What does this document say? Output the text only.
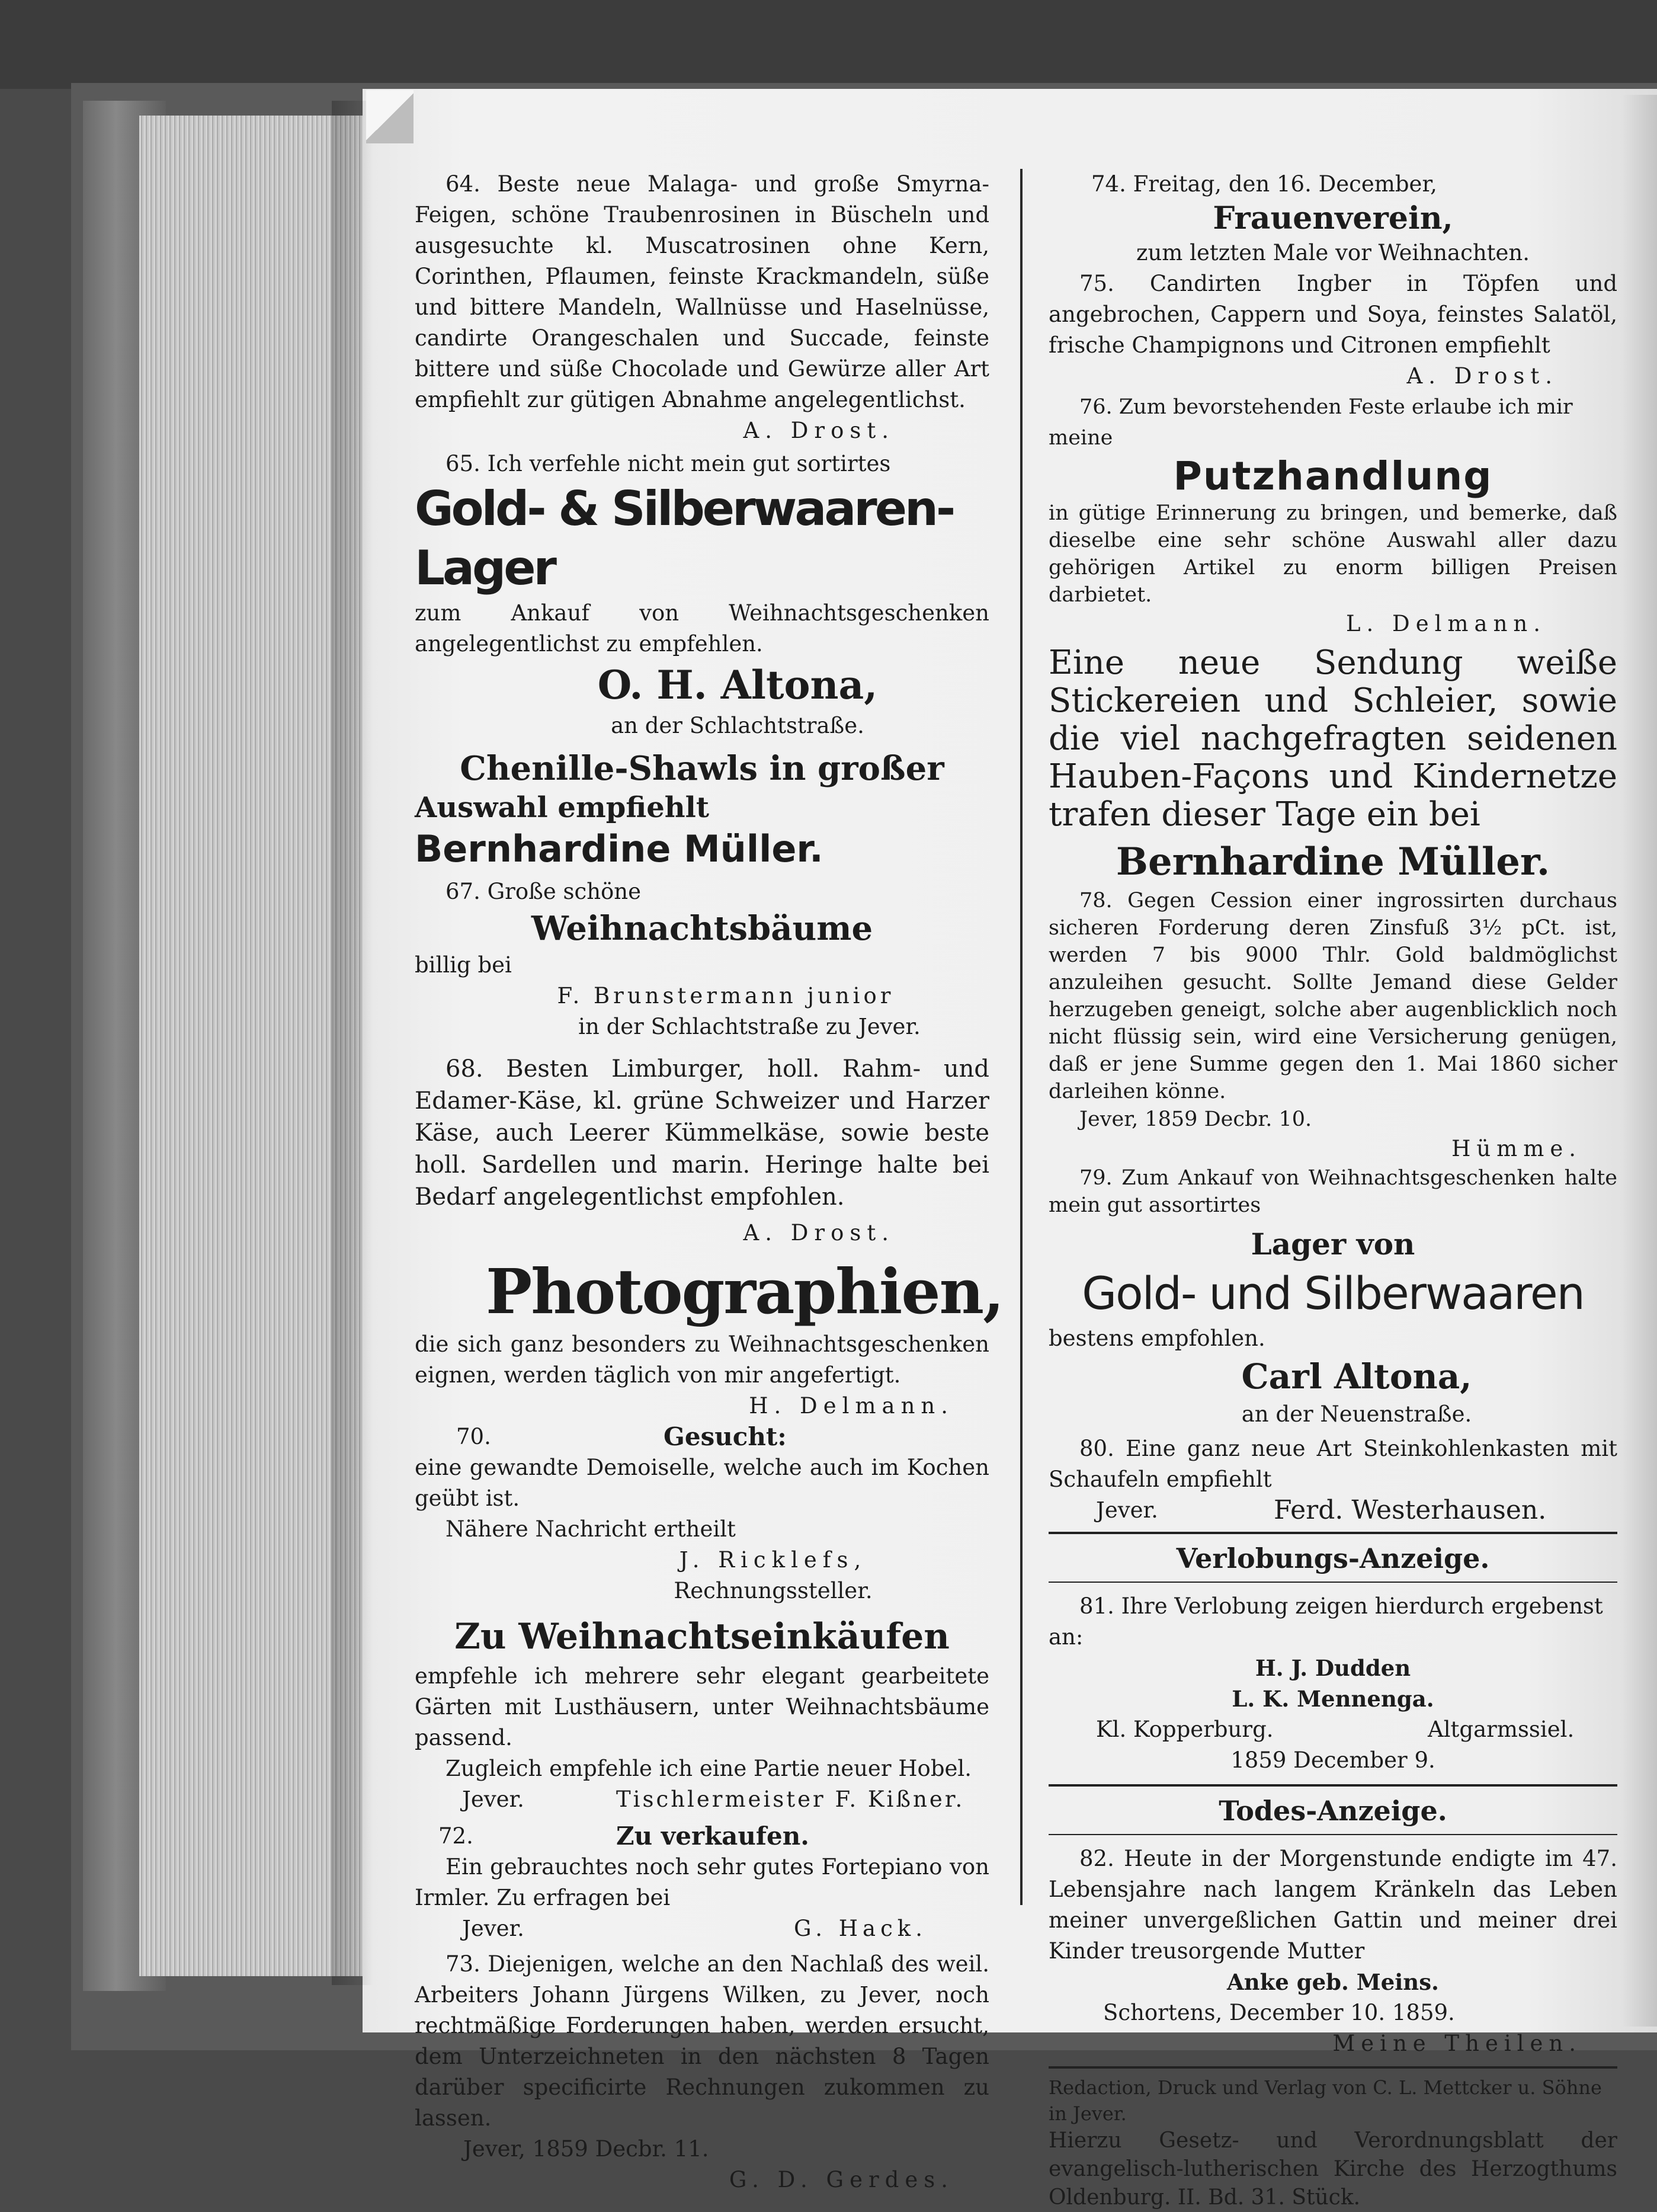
64. Beste neue Malaga- und große Smyrna-Feigen, schöne Traubenrosinen in Büscheln und ausgesuchte kl. Muscatrosinen ohne Kern, Corinthen, Pflaumen, feinste Krackmandeln, süße und bittere Mandeln, Wallnüsse und Haselnüsse, candirte Orangeschalen und Succade, feinste bittere und süße Chocolade und Gewürze aller Art empfiehlt zur gütigen Abnahme angelegentlichst.

A. Drost.

65. Ich verfehle nicht mein gut sortirtes

Gold- & Silberwaaren-Lager

zum Ankauf von Weihnachtsgeschenken angelegentlichst zu empfehlen.

O. H. Altona,

an der Schlachtstraße.

Chenille-Shawls in großer

Auswahl empfiehlt

Bernhardine Müller.

67. Große schöne

Weihnachtsbäume

billig bei

F. Brunstermann junior

in der Schlachtstraße zu Jever.

68. Besten Limburger, holl. Rahm- und Edamer-Käse, kl. grüne Schweizer und Harzer Käse, auch Leerer Kümmelkäse, sowie beste holl. Sardellen und marin. Heringe halte bei Bedarf angelegentlichst empfohlen.

A. Drost.

Photographien,

die sich ganz besonders zu Weihnachtsgeschenken eignen, werden täglich von mir angefertigt.

H. Delmann.

70.	Gesucht:

eine gewandte Demoiselle, welche auch im Kochen geübt ist.

Nähere Nachricht ertheilt

J. Ricklefs,

Rechnungssteller.

Zu Weihnachtseinkäufen

empfehle ich mehrere sehr elegant gearbeitete Gärten mit Lusthäusern, unter Weihnachtsbäume passend.

Zugleich empfehle ich eine Partie neuer Hobel.

Jever.	Tischlermeister F. Kißner.

72.	Zu verkaufen.

Ein gebrauchtes noch sehr gutes Fortepiano von Irmler. Zu erfragen bei

Jever.	G. Hack.

73. Diejenigen, welche an den Nachlaß des weil. Arbeiters Johann Jürgens Wilken, zu Jever, noch rechtmäßige Forderungen haben, werden ersucht, dem Unterzeichneten in den nächsten 8 Tagen darüber specificirte Rechnungen zukommen zu lassen.

Jever, 1859 Decbr. 11.

G. D. Gerdes.

74. Freitag, den 16. December,

Frauenverein,

zum letzten Male vor Weihnachten.

75. Candirten Ingber in Töpfen und angebrochen, Cappern und Soya, feinstes Salatöl, frische Champignons und Citronen empfiehlt

A. Drost.

76. Zum bevorstehenden Feste erlaube ich mir meine

Putzhandlung

in gütige Erinnerung zu bringen, und bemerke, daß dieselbe eine sehr schöne Auswahl aller dazu gehörigen Artikel zu enorm billigen Preisen darbietet.

L. Delmann.

Eine neue Sendung weiße Stickereien und Schleier, sowie die viel nachgefragten seidenen Hauben-Façons und Kindernetze trafen dieser Tage ein bei

Bernhardine Müller.

78. Gegen Cession einer ingrossirten durchaus sicheren Forderung deren Zinsfuß 3½ pCt. ist, werden 7 bis 9000 Thlr. Gold baldmöglichst anzuleihen gesucht. Sollte Jemand diese Gelder herzugeben geneigt, solche aber augenblicklich noch nicht flüssig sein, wird eine Versicherung genügen, daß er jene Summe gegen den 1. Mai 1860 sicher darleihen könne.

Jever, 1859 Decbr. 10.

Hümme.

79. Zum Ankauf von Weihnachtsgeschenken halte mein gut assortirtes

Lager von

Gold- und Silberwaaren

bestens empfohlen.

Carl Altona,

an der Neuenstraße.

80. Eine ganz neue Art Steinkohlenkasten mit Schaufeln empfiehlt

Jever.	Ferd. Westerhausen.

Verlobungs-Anzeige.

81. Ihre Verlobung zeigen hierdurch ergebenst an:

H. J. Dudden

L. K. Mennenga.

Kl. Kopperburg.	Altgarmssiel.

1859 December 9.

Todes-Anzeige.

82. Heute in der Morgenstunde endigte im 47. Lebensjahre nach langem Kränkeln das Leben meiner unvergeßlichen Gattin und meiner drei Kinder treusorgende Mutter

Anke geb. Meins.

Schortens, December 10. 1859.

Meine Theilen.

Redaction, Druck und Verlag von C. L. Mettcker u. Söhne in Jever.

Hierzu Gesetz- und Verordnungsblatt der evangelisch-lutherischen Kirche des Herzogthums Oldenburg. II. Bd. 31. Stück.
